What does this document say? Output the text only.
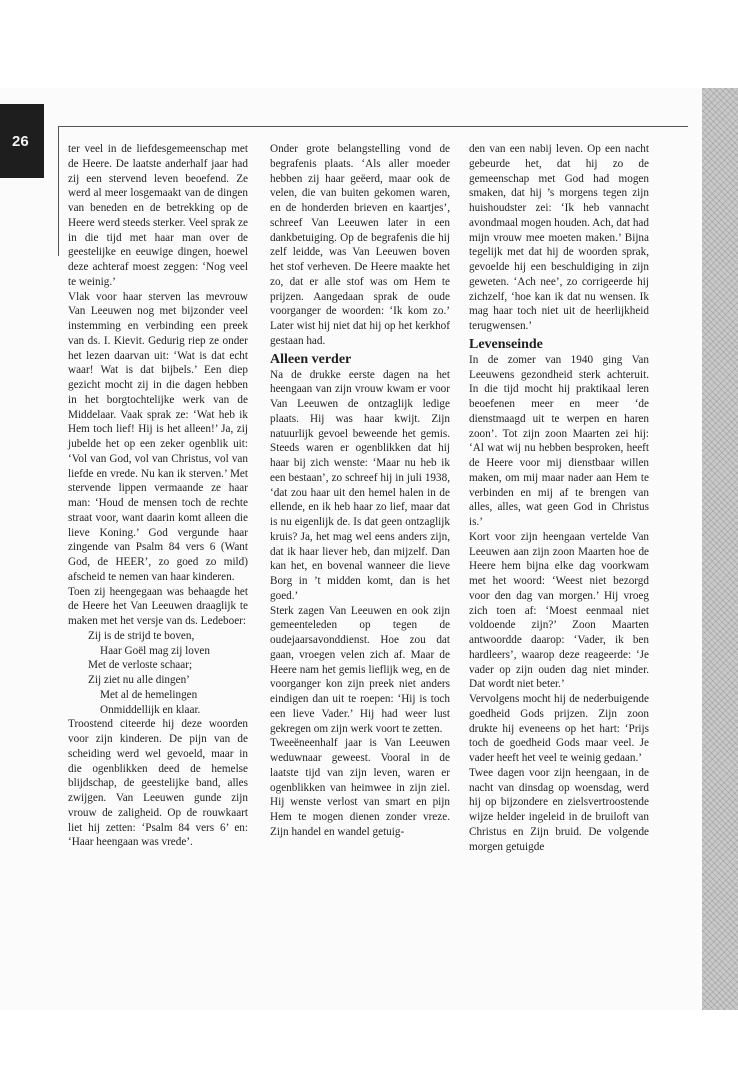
26	ter veel in de liefdesgemeenschap met de Heere. De laatste anderhalf jaar had zij een stervend leven beoefend. Ze werd al meer losgemaakt van de dingen van beneden en de betrekking op de Heere werd steeds sterker. Veel sprak ze in die tijd met haar man over de geestelijke en eeuwige dingen, hoewel deze achteraf moest zeggen: ‘Nog veel te weinig.’

Vlak voor haar sterven las mevrouw Van Leeuwen nog met bijzonder veel instemming en verbinding een preek van ds. I. Kievit. Gedurig riep ze onder het lezen daarvan uit: ‘Wat is dat echt waar! Wat is dat bijbels.’ Een diep gezicht mocht zij in die dagen hebben in het borgtochtelijke werk van de Middelaar. Vaak sprak ze: ‘Wat heb ik Hem toch lief! Hij is het alleen!’ Ja, zij jubelde het op een zeker ogenblik uit: ‘Vol van God, vol van Christus, vol van liefde en vrede. Nu kan ik sterven.’ Met stervende lippen vermaande ze haar man: ‘Houd de mensen toch de rechte straat voor, want daarin komt alleen die lieve Koning.’ God vergunde haar zingende van Psalm 84 vers 6 (Want God, de HEER’, zo goed zo mild) afscheid te nemen van haar kinderen.

Toen zij heengegaan was behaagde het de Heere het Van Leeuwen draaglijk te maken met het versje van ds. Ledeboer:

Zij is de strijd te boven,
Haar Goël mag zij loven
Met de verloste schaar;
Zij ziet nu alle dingen’
Met al de hemelingen
Onmiddellijk en klaar.

Troostend citeerde hij deze woorden voor zijn kinderen. De pijn van de scheiding werd wel gevoeld, maar in die ogenblikken deed de hemelse blijdschap, de geestelijke band, alles zwijgen. Van Leeuwen gunde zijn vrouw de zaligheid. Op de rouwkaart liet hij zetten: ‘Psalm 84 vers 6’ en: ‘Haar heengaan was vrede’.

Onder grote belangstelling vond de begrafenis plaats. ‘Als aller moeder hebben zij haar geëerd, maar ook de velen, die van buiten gekomen waren, en de honderden brieven en kaartjes’, schreef Van Leeuwen later in een dankbetuiging. Op de begrafenis die hij zelf leidde, was Van Leeuwen boven het stof verheven. De Heere maakte het zo, dat er alle stof was om Hem te prijzen. Aangedaan sprak de oude voorganger de woorden: ‘Ik kom zo.’ Later wist hij niet dat hij op het kerkhof gestaan had.

Alleen verder

Na de drukke eerste dagen na het heengaan van zijn vrouw kwam er voor Van Leeuwen de ontzaglijk ledige plaats. Hij was haar kwijt. Zijn natuurlijk gevoel beweende het gemis. Steeds waren er ogenblikken dat hij haar bij zich wenste: ‘Maar nu heb ik een bestaan’, zo schreef hij in juli 1938, ‘dat zou haar uit den hemel halen in de ellende, en ik heb haar zo lief, maar dat is nu eigenlijk de. Is dat geen ontzaglijk kruis? Ja, het mag wel eens anders zijn, dat ik haar liever heb, dan mijzelf. Dan kan het, en bovenal wanneer die lieve Borg in ’t midden komt, dan is het goed.’

Sterk zagen Van Leeuwen en ook zijn gemeenteleden op tegen de oudejaarsavonddienst. Hoe zou dat gaan, vroegen velen zich af. Maar de Heere nam het gemis lieflijk weg, en de voorganger kon zijn preek niet anders eindigen dan uit te roepen: ‘Hij is toch een lieve Vader.’ Hij had weer lust gekregen om zijn werk voort te zetten.

Tweeëneenhalf jaar is Van Leeuwen weduwnaar geweest. Vooral in de laatste tijd van zijn leven, waren er ogenblikken van heimwee in zijn ziel. Hij wenste verlost van smart en pijn Hem te mogen dienen zonder vreze. Zijn handel en wandel getuig-

den van een nabij leven. Op een nacht gebeurde het, dat hij zo de gemeenschap met God had mogen smaken, dat hij ’s morgens tegen zijn huishoudster zei: ‘Ik heb vannacht avondmaal mogen houden. Ach, dat had mijn vrouw mee moeten maken.’ Bijna tegelijk met dat hij de woorden sprak, gevoelde hij een beschuldiging in zijn geweten. ‘Ach nee’, zo corrigeerde hij zichzelf, ‘hoe kan ik dat nu wensen. Ik mag haar toch niet uit de heerlijkheid terugwensen.’

Levenseinde

In de zomer van 1940 ging Van Leeuwens gezondheid sterk achteruit. In die tijd mocht hij praktikaal leren beoefenen meer en meer ‘de dienstmaagd uit te werpen en haren zoon’. Tot zijn zoon Maarten zei hij: ‘Al wat wij nu hebben besproken, heeft de Heere voor mij dienstbaar willen maken, om mij maar nader aan Hem te verbinden en mij af te brengen van alles, alles, wat geen God in Christus is.’

Kort voor zijn heengaan vertelde Van Leeuwen aan zijn zoon Maarten hoe de Heere hem bijna elke dag voorkwam met het woord: ‘Weest niet bezorgd voor den dag van morgen.’ Hij vroeg zich toen af: ‘Moest eenmaal niet voldoende zijn?’ Zoon Maarten antwoordde daarop: ‘Vader, ik ben hardleers’, waarop deze reageerde: ‘Je vader op zijn ouden dag niet minder. Dat wordt niet beter.’

Vervolgens mocht hij de nederbuigende goedheid Gods prijzen. Zijn zoon drukte hij eveneens op het hart: ‘Prijs toch de goedheid Gods maar veel. Je vader heeft het veel te weinig gedaan.’

Twee dagen voor zijn heengaan, in de nacht van dinsdag op woensdag, werd hij op bijzondere en zielsvertroostende wijze helder ingeleid in de bruiloft van Christus en Zijn bruid. De volgende morgen getuigde
